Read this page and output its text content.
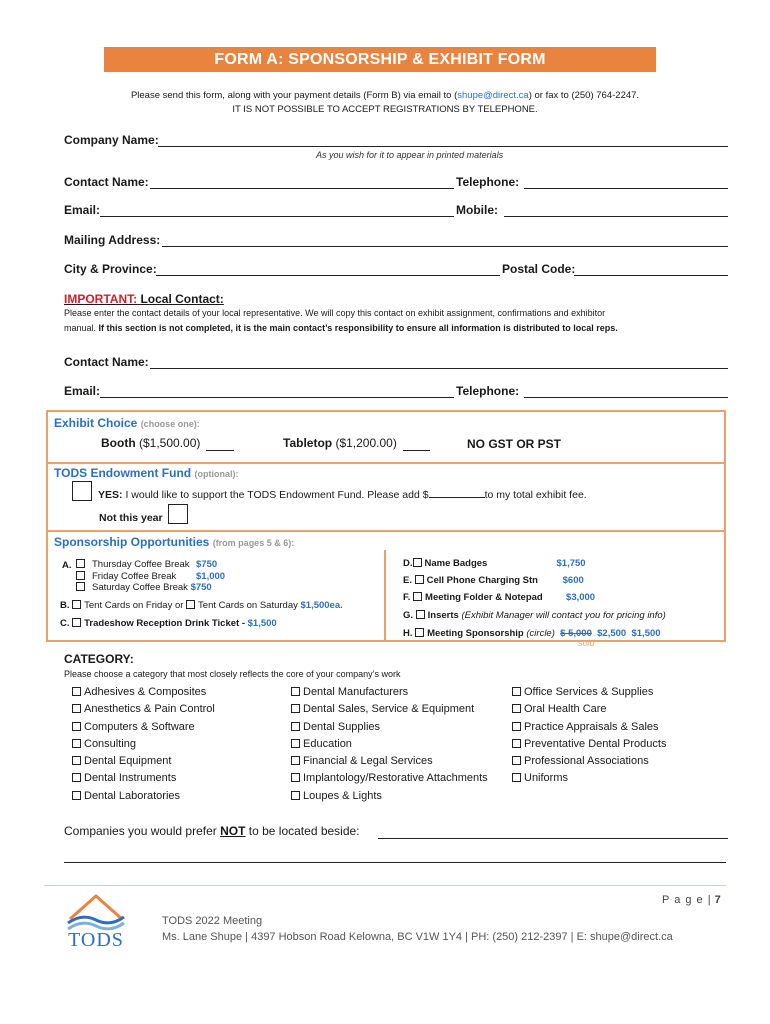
FORM A: SPONSORSHIP & EXHIBIT FORM
Please send this form, along with your payment details (Form B) via email to (shupe@direct.ca) or fax to (250) 764-2247.
IT IS NOT POSSIBLE TO ACCEPT REGISTRATIONS BY TELEPHONE.
Company Name:
As you wish for it to appear in printed materials
Contact Name:	Telephone:
Email:	Mobile:
Mailing Address:
City & Province:	Postal Code:
IMPORTANT: Local Contact:
Please enter the contact details of your local representative. We will copy this contact on exhibit assignment, confirmations and exhibitor
manual. If this section is not completed, it is the main contact’s responsibility to ensure all information is distributed to local reps.
Contact Name:
Email:	Telephone:
Exhibit Choice (choose one):
Booth ($1,500.00)	Tabletop ($1,200.00)	NO GST OR PST
TODS Endowment Fund (optional):
YES: I would like to support the TODS Endowment Fund. Please add $	to my total exhibit fee.
Not this year
Sponsorship Opportunities (from pages 5 & 6):
A.	Thursday Coffee Break $750
Friday Coffee Break $1,000
Saturday Coffee Break $750
B. Tent Cards on Friday or Tent Cards on Saturday $1,500ea.
C. Tradeshow Reception Drink Ticket - $1,500
D. Name Badges	$1,750
E. Cell Phone Charging Stn	$600
F. Meeting Folder & Notepad $3,000
G. Inserts (Exhibit Manager will contact you for pricing info)
H. Meeting Sponsorship (circle) $ 5,000 $2,500 $1,500
sold
CATEGORY:
Please choose a category that most closely reflects the core of your company’s work
Adhesives & Composites
Anesthetics & Pain Control
Computers & Software
Consulting
Dental Equipment
Dental Instruments
Dental Laboratories
Dental Manufacturers
Dental Sales, Service & Equipment
Dental Supplies
Education
Financial & Legal Services
Implantology/Restorative Attachments
Loupes & Lights
Office Services & Supplies
Oral Health Care
Practice Appraisals & Sales
Preventative Dental Products
Professional Associations
Uniforms
Companies you would prefer NOT to be located beside:
P a g e | 7
TODS
TODS 2022 Meeting
Ms. Lane Shupe | 4397 Hobson Road Kelowna, BC V1W 1Y4 | PH: (250) 212-2397 | E: shupe@direct.ca
